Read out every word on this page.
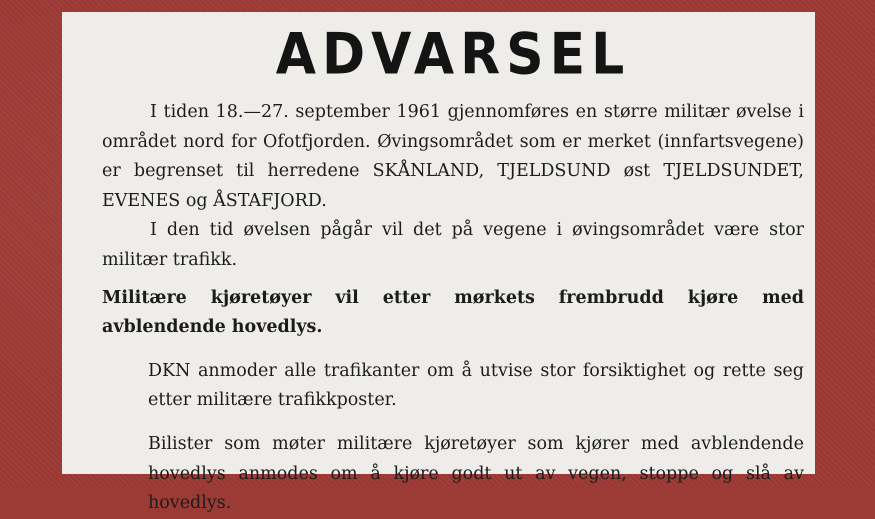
ADVARSEL

I tiden 18.—27. september 1961 gjennomføres en større militær øvelse i området nord for Ofotfjorden. Øvingsområdet som er merket (innfartsvegene) er begrenset til herredene SKÅNLAND, TJELDSUND øst TJELDSUNDET, EVENES og ÅSTAFJORD.

I den tid øvelsen pågår vil det på vegene i øvingsområdet være stor militær trafikk.

Militære kjøretøyer vil etter mørkets frembrudd kjøre med avblendende hovedlys.

DKN anmoder alle trafikanter om å utvise stor forsiktighet og rette seg etter militære trafikkposter.

Bilister som møter militære kjøretøyer som kjører med avblendende hovedlys anmodes om å kjøre godt ut av vegen, stoppe og slå av hovedlys.
